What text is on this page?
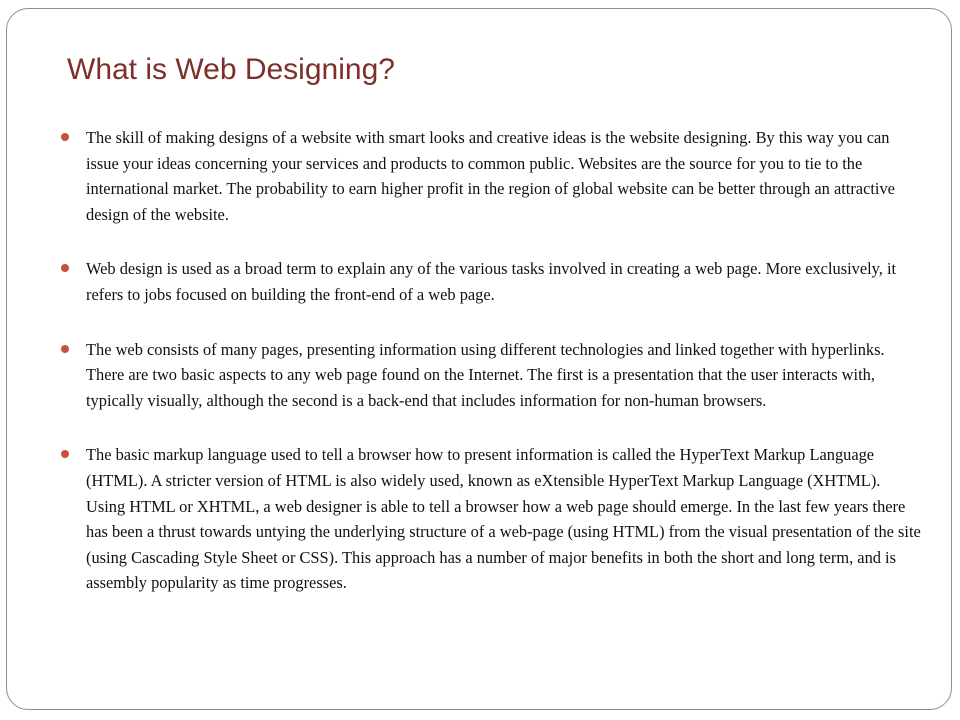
What is Web Designing?
The skill of making designs of a website with smart looks and creative ideas is the website designing. By this way you can issue your ideas concerning your services and products to common public. Websites are the source for you to tie to the international market. The probability to earn higher profit in the region of global website can be better through an attractive design of the website.
Web design is used as a broad term to explain any of the various tasks involved in creating a web page. More exclusively, it refers to jobs focused on building the front-end of a web page.
The web consists of many pages, presenting information using different technologies and linked together with hyperlinks. There are two basic aspects to any web page found on the Internet. The first is a presentation that the user interacts with, typically visually, although the second is a back-end that includes information for non-human browsers.
The basic markup language used to tell a browser how to present information is called the HyperText Markup Language (HTML). A stricter version of HTML is also widely used, known as eXtensible HyperText Markup Language (XHTML). Using HTML or XHTML, a web designer is able to tell a browser how a web page should emerge. In the last few years there has been a thrust towards untying the underlying structure of a web-page (using HTML) from the visual presentation of the site (using Cascading Style Sheet or CSS). This approach has a number of major benefits in both the short and long term, and is assembly popularity as time progresses.
